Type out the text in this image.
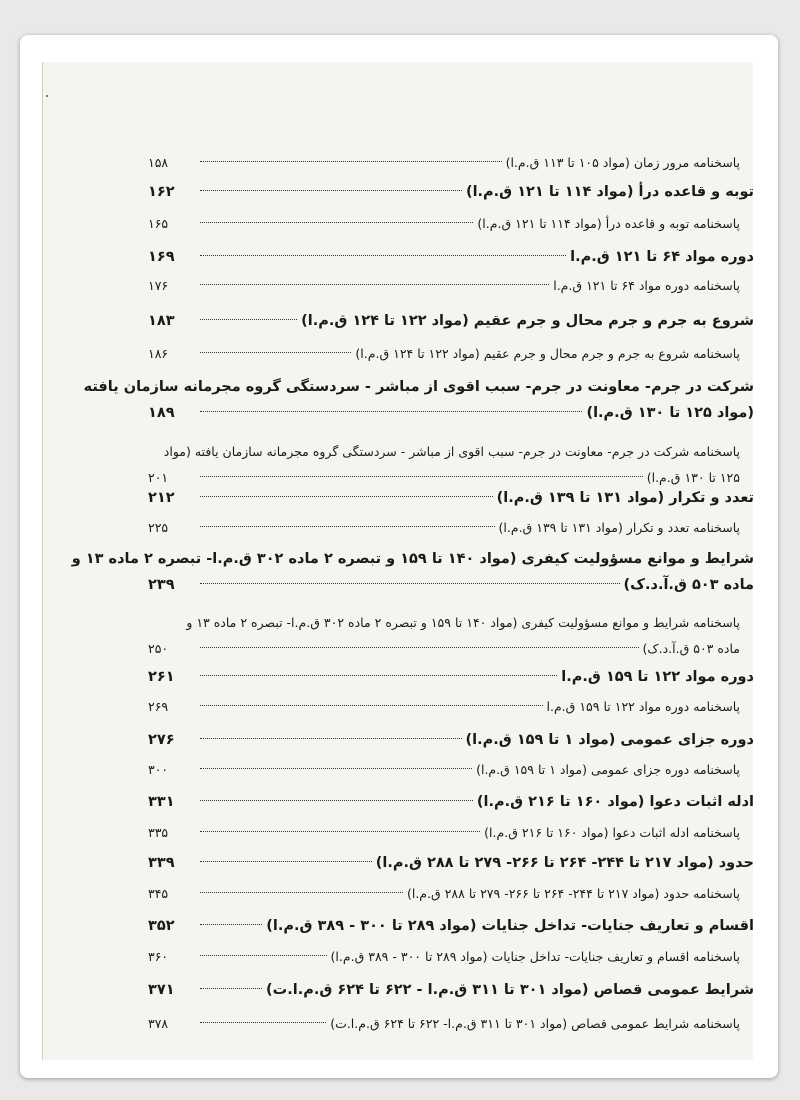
پاسخنامه مرور زمان (مواد ۱۰۵ تا ۱۱۳ ق.م.ا)
۱۵۸
توبه و قاعده درأ (مواد ۱۱۴ تا ۱۲۱ ق.م.ا)
۱۶۲
پاسخنامه توبه و قاعده درأ (مواد ۱۱۴ تا ۱۲۱ ق.م.ا)
۱۶۵
دوره مواد ۶۴ تا ۱۲۱ ق.م.ا
۱۶۹
پاسخنامه دوره مواد ۶۴ تا ۱۲۱ ق.م.ا
۱۷۶
شروع به جرم و جرم محال و جرم عقیم (مواد ۱۲۲ تا ۱۲۴ ق.م.ا)
۱۸۳
پاسخنامه شروع به جرم و جرم محال و جرم عقیم (مواد ۱۲۲ تا ۱۲۴ ق.م.ا)
۱۸۶
شرکت در جرم- معاونت در جرم- سبب اقوی از مباشر - سردستگی گروه مجرمانه سازمان یافته
(مواد ۱۲۵ تا ۱۳۰ ق.م.ا)
۱۸۹
پاسخنامه شرکت در جرم- معاونت در جرم- سبب اقوی از مباشر - سردستگی گروه مجرمانه سازمان یافته (مواد
۱۲۵ تا ۱۳۰ ق.م.ا)
۲۰۱
تعدد و تکرار (مواد ۱۳۱ تا ۱۳۹ ق.م.ا)
۲۱۲
پاسخنامه تعدد و تکرار (مواد ۱۳۱ تا ۱۳۹ ق.م.ا)
۲۲۵
شرایط و موانع مسؤولیت کیفری (مواد ۱۴۰ تا ۱۵۹ و تبصره ۲ ماده ۳۰۲ ق.م.ا- تبصره ۲ ماده ۱۳ و
ماده ۵۰۳ ق.آ.د.ک)
۲۳۹
پاسخنامه شرایط و موانع مسؤولیت کیفری (مواد ۱۴۰ تا ۱۵۹ و تبصره ۲ ماده ۳۰۲ ق.م.ا- تبصره ۲ ماده ۱۳ و
ماده ۵۰۳ ق.آ.د.ک)
۲۵۰
دوره مواد ۱۲۲ تا ۱۵۹ ق.م.ا
۲۶۱
پاسخنامه دوره مواد ۱۲۲ تا ۱۵۹ ق.م.ا
۲۶۹
دوره جزای عمومی (مواد ۱ تا ۱۵۹ ق.م.ا)
۲۷۶
پاسخنامه دوره جزای عمومی (مواد ۱ تا ۱۵۹ ق.م.ا)
۳۰۰
ادله اثبات دعوا (مواد ۱۶۰ تا ۲۱۶ ق.م.ا)
۳۳۱
پاسخنامه ادله اثبات دعوا (مواد ۱۶۰ تا ۲۱۶ ق.م.ا)
۳۳۵
حدود (مواد ۲۱۷ تا ۲۴۴- ۲۶۴ تا ۲۶۶- ۲۷۹ تا ۲۸۸ ق.م.ا)
۳۳۹
پاسخنامه حدود (مواد ۲۱۷ تا ۲۴۴- ۲۶۴ تا ۲۶۶- ۲۷۹ تا ۲۸۸ ق.م.ا)
۳۴۵
اقسام و تعاریف جنایات- تداخل جنایات (مواد ۲۸۹ تا ۳۰۰ - ۳۸۹ ق.م.ا)
۳۵۲
پاسخنامه اقسام و تعاریف جنایات- تداخل جنایات (مواد ۲۸۹ تا ۳۰۰ - ۳۸۹ ق.م.ا)
۳۶۰
شرایط عمومی قصاص (مواد ۳۰۱ تا ۳۱۱ ق.م.ا - ۶۲۲ تا ۶۲۴ ق.م.ا.ت)
۳۷۱
پاسخنامه شرایط عمومی قصاص (مواد ۳۰۱ تا ۳۱۱ ق.م.ا- ۶۲۲ تا ۶۲۴ ق.م.ا.ت)
۳۷۸
